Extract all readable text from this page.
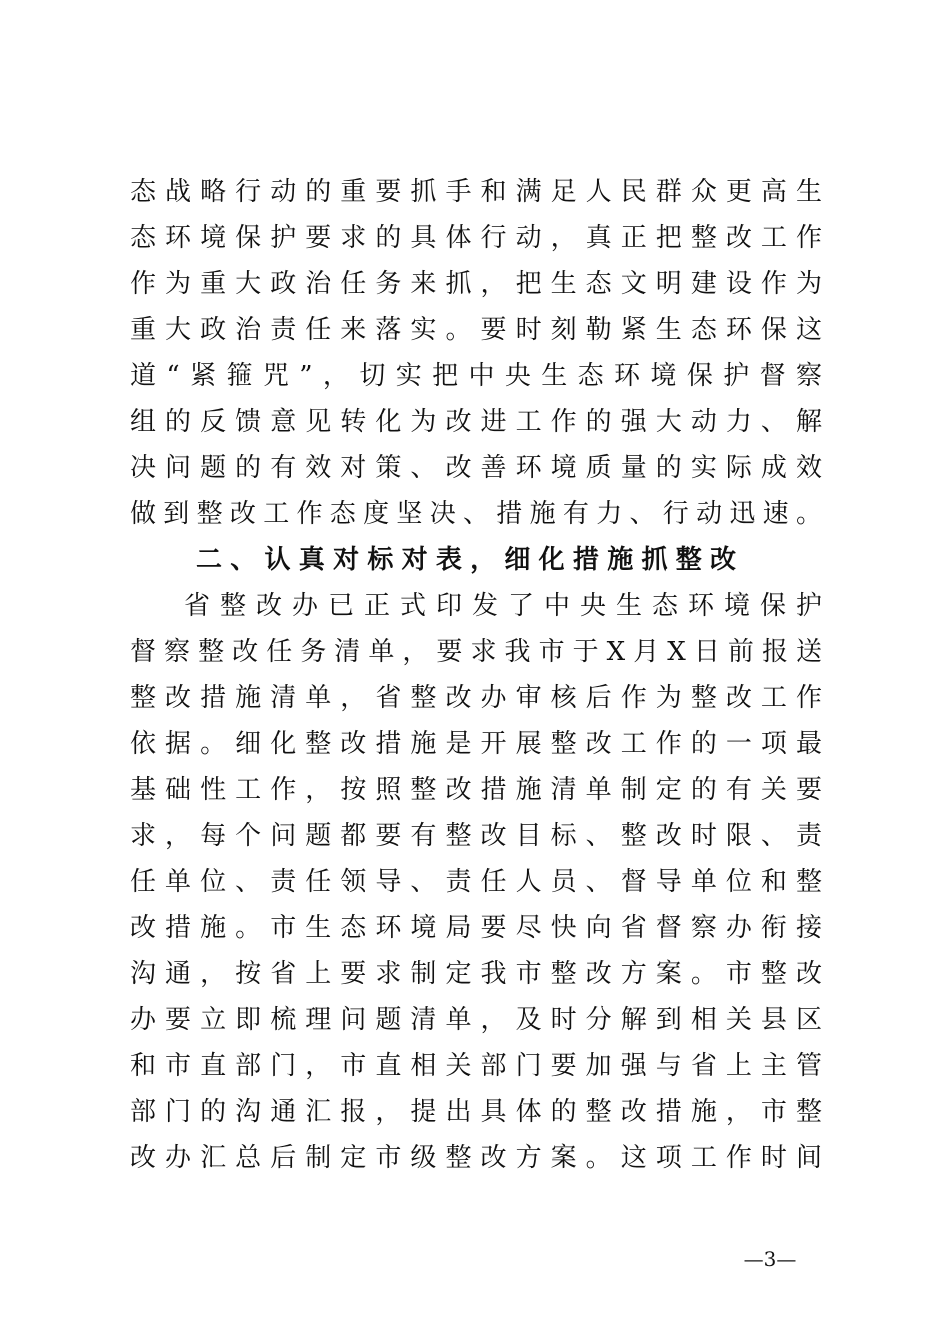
态战略行动的重要抓手和满足人民群众更高生
态环境保护要求的具体行动，真正把整改工作
作为重大政治任务来抓，把生态文明建设作为
重大政治责任来落实。要时刻勒紧生态环保这
道“紧箍咒”，切实把中央生态环境保护督察
组的反馈意见转化为改进工作的强大动力、解
决问题的有效对策、改善环境质量的实际成效
做到整改工作态度坚决、措施有力、行动迅速。
二、认真对标对表，细化措施抓整改
省整改办已正式印发了中央生态环境保护
督察整改任务清单，要求我市于X月X日前报送
整改措施清单，省整改办审核后作为整改工作
依据。细化整改措施是开展整改工作的一项最
基础性工作，按照整改措施清单制定的有关要
求，每个问题都要有整改目标、整改时限、责
任单位、责任领导、责任人员、督导单位和整
改措施。市生态环境局要尽快向省督察办衔接
沟通，按省上要求制定我市整改方案。市整改
办要立即梳理问题清单，及时分解到相关县区
和市直部门，市直相关部门要加强与省上主管
部门的沟通汇报，提出具体的整改措施，市整
改办汇总后制定市级整改方案。这项工作时间
—3—
